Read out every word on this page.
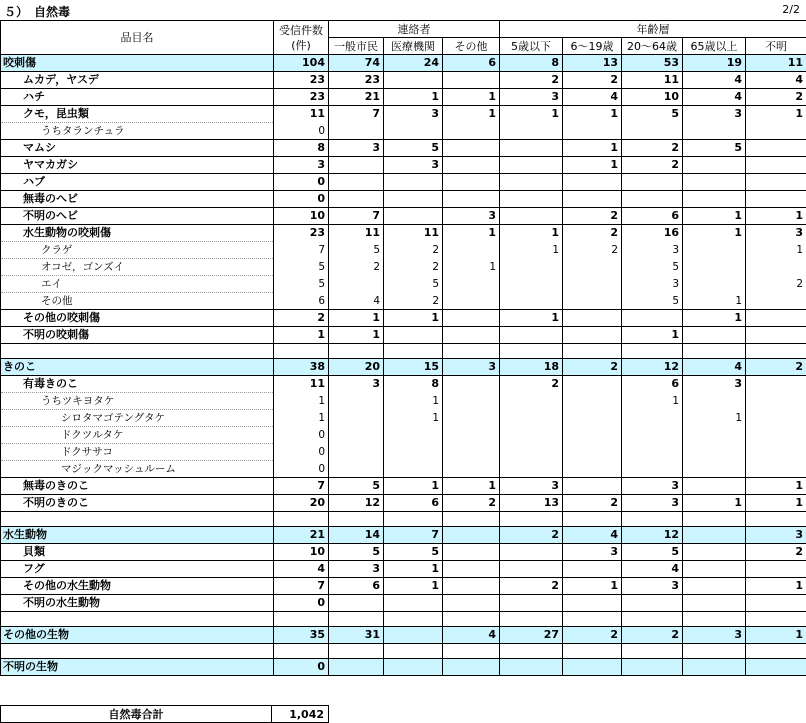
５）　自然毒	2/2
品目名	受信件数
(件)	連絡者			年齢層				
		一般市民	医療機関	その他	5歳以下	6～19歳	20～64歳	65歳以上	不明
咬刺傷	104	74	24	6	8	13	53	19	11
ムカデ，ヤスデ	23	23			2	2	11	4	4
ハチ	23	21	1	1	3	4	10	4	2
クモ，昆虫類	11	7	3	1	1	1	5	3	1
うちタランチュラ	0								
マムシ	8	3	5			1	2	5	
ヤマカガシ	3		3			1	2		
ハブ	0								
無毒のヘビ	0								
不明のヘビ	10	7		3		2	6	1	1
水生動物の咬刺傷	23	11	11	1	1	2	16	1	3
クラゲ	7	5	2		1	2	3		1
オコゼ，ゴンズイ	5	2	2	1			5		
エイ	5		5				3		2
その他	6	4	2				5	1	
その他の咬刺傷	2	1	1		1			1	
不明の咬刺傷	1	1					1		

きのこ	38	20	15	3	18	2	12	4	2
有毒きのこ	11	3	8		2		6	3	
うちツキヨタケ	1		1				1		
シロタマゴテングタケ	1		1					1	
ドクツルタケ	0								
ドクササコ	0								
マジックマッシュルーム	0								
無毒のきのこ	7	5	1	1	3		3		1
不明のきのこ	20	12	6	2	13	2	3	1	1

水生動物	21	14	7		2	4	12		3
貝類	10	5	5			3	5		2
フグ	4	3	1				4		
その他の水生動物	7	6	1		2	1	3		1
不明の水生動物	0								

その他の生物	35	31		4	27	2	2	3	1

不明の生物	0								
自然毒合計	1,042
